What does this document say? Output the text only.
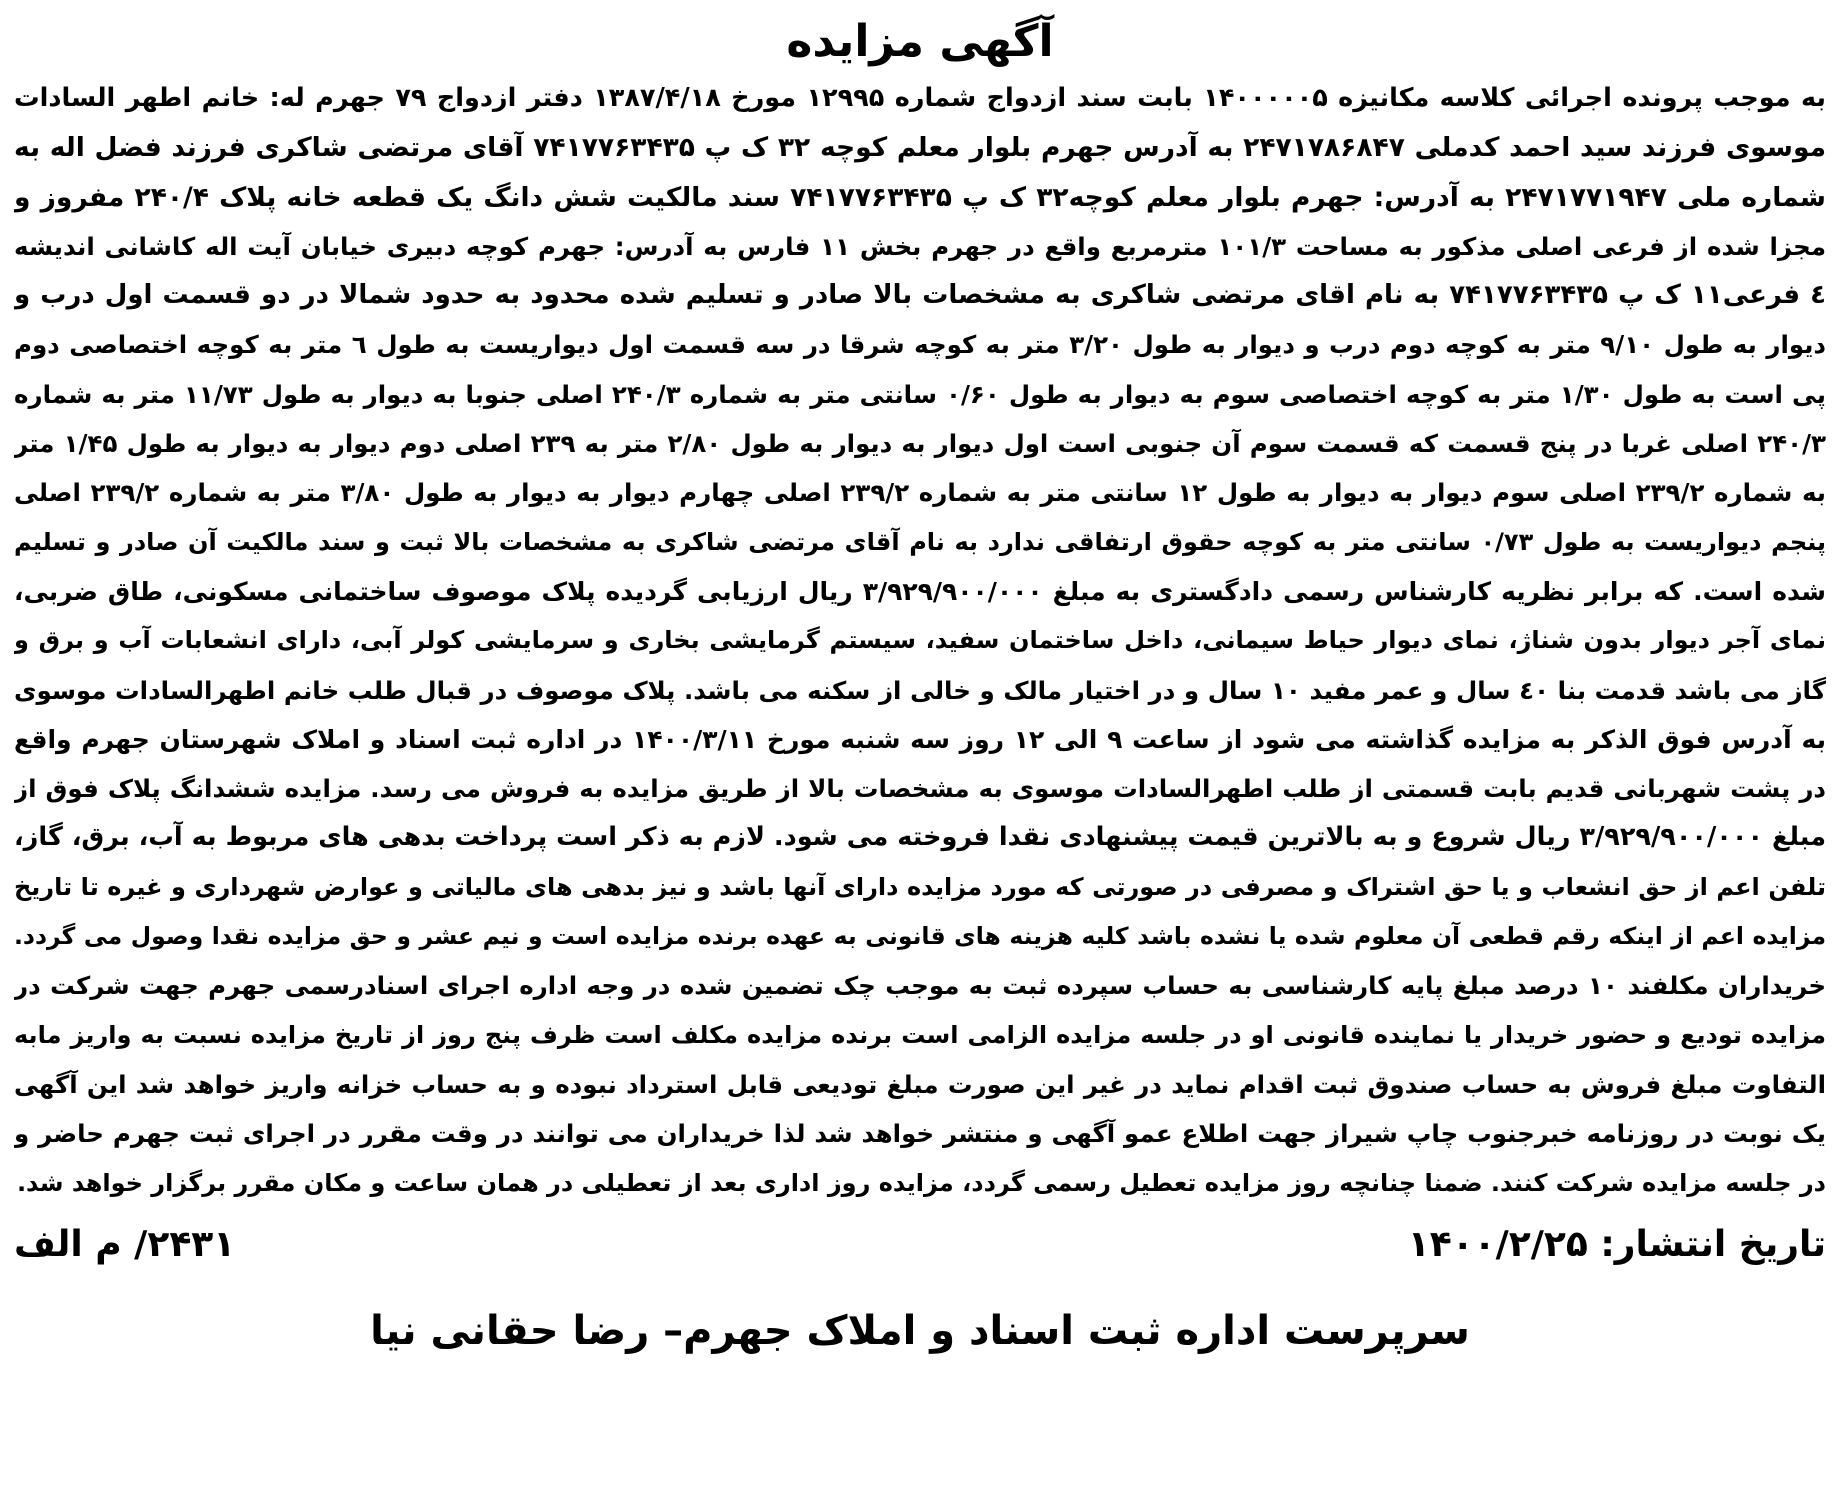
آگهی مزایده
به موجب پرونده اجرائی کلاسه مکانیزه ۱۴۰۰۰۰۰۵ بابت سند ازدواج شماره ۱۲۹۹۵ مورخ ۱۳۸۷/۴/۱۸ دفتر ازدواج ۷۹ جهرم له: خانم اطهر السادات
موسوی فرزند سید احمد کدملی ۲۴۷۱۷۸۶۸۴۷ به آدرس جهرم بلوار معلم کوچه ۳۲ ک پ ۷۴۱۷۷۶۳۴۳۵ آقای مرتضی شاکری فرزند فضل اله به
شماره ملی ۲۴۷۱۷۷۱۹۴۷ به آدرس: جهرم بلوار معلم کوچه۳۲ ک پ ۷۴۱۷۷۶۳۴۳۵ سند مالکیت شش دانگ یک قطعه خانه پلاک ۲۴۰/۴ مفروز و
مجزا شده از فرعی اصلی مذکور به مساحت ۱۰۱/۳ مترمربع واقع در جهرم بخش ۱۱ فارس به آدرس: جهرم کوچه دبیری خیابان آیت اله کاشانی اندیشه
٤ فرعی۱۱ ک پ ۷۴۱۷۷۶۳۴۳۵ به نام اقای مرتضی شاکری به مشخصات بالا صادر و تسلیم شده محدود به حدود شمالا در دو قسمت اول درب و
دیوار به طول ۹/۱۰ متر به کوچه دوم درب و دیوار به طول ۳/۲۰ متر به کوچه شرقا در سه قسمت اول دیواریست به طول ٦ متر به کوچه اختصاصی دوم
پی است به طول ۱/۳۰ متر به کوچه اختصاصی سوم به دیوار به طول ۰/۶۰ سانتی متر به شماره ۲۴۰/۳ اصلی جنوبا به دیوار به طول ۱۱/۷۳ متر به شماره
۲۴۰/۳ اصلی غربا در پنج قسمت که قسمت سوم آن جنوبی است اول دیوار به دیوار به طول ۲/۸۰ متر به ۲۳۹ اصلی دوم دیوار به دیوار به طول ۱/۴۵ متر
به شماره ۲۳۹/۲ اصلی سوم دیوار به دیوار به طول ۱۲ سانتی متر به شماره ۲۳۹/۲ اصلی چهارم دیوار به دیوار به طول ۳/۸۰ متر به شماره ۲۳۹/۲ اصلی
پنجم دیواریست به طول ۰/۷۳ سانتی متر به کوچه حقوق ارتفاقی ندارد به نام آقای مرتضی شاکری به مشخصات بالا ثبت و سند مالکیت آن صادر و تسلیم
شده است. که برابر نظریه کارشناس رسمی دادگستری به مبلغ ۳/۹۲۹/۹۰۰/۰۰۰ ریال ارزیابی گردیده پلاک موصوف ساختمانی مسکونی، طاق ضربی،
نمای آجر دیوار بدون شناژ، نمای دیوار حیاط سیمانی، داخل ساختمان سفید، سیستم گرمایشی بخاری و سرمایشی کولر آبی، دارای انشعابات آب و برق و
گاز می باشد قدمت بنا ٤۰ سال و عمر مفید ۱۰ سال و در اختیار مالک و خالی از سکنه می باشد. پلاک موصوف در قبال طلب خانم اطهرالسادات موسوی
به آدرس فوق الذکر به مزایده گذاشته می شود از ساعت ۹ الی ۱۲ روز سه شنبه مورخ ۱۴۰۰/۳/۱۱ در اداره ثبت اسناد و املاک شهرستان جهرم واقع
در پشت شهربانی قدیم بابت قسمتی از طلب اطهرالسادات موسوی به مشخصات بالا از طریق مزایده به فروش می رسد. مزایده ششدانگ پلاک فوق از
مبلغ ۳/۹۲۹/۹۰۰/۰۰۰ ریال شروع و به بالاترین قیمت پیشنهادی نقدا فروخته می شود. لازم به ذکر است پرداخت بدهی های مربوط به آب، برق، گاز،
تلفن اعم از حق انشعاب و یا حق اشتراک و مصرفی در صورتی که مورد مزایده دارای آنها باشد و نیز بدهی های مالیاتی و عوارض شهرداری و غیره تا تاریخ
مزایده اعم از اینکه رقم قطعی آن معلوم شده یا نشده باشد کلیه هزینه های قانونی به عهده برنده مزایده است و نیم عشر و حق مزایده نقدا وصول می گردد.
خریداران مکلفند ۱۰ درصد مبلغ پایه کارشناسی به حساب سپرده ثبت به موجب چک تضمین شده در وجه اداره اجرای اسنادرسمی جهرم جهت شرکت در
مزایده تودیع و حضور خریدار یا نماینده قانونی او در جلسه مزایده الزامی است برنده مزایده مکلف است ظرف پنج روز از تاریخ مزایده نسبت به واریز مابه
التفاوت مبلغ فروش به حساب صندوق ثبت اقدام نماید در غیر این صورت مبلغ تودیعی قابل استرداد نبوده و به حساب خزانه واریز خواهد شد این آگهی
یک نوبت در روزنامه خبرجنوب چاپ شیراز جهت اطلاع عمو آگهی و منتشر خواهد شد لذا خریداران می توانند در وقت مقرر در اجرای ثبت جهرم حاضر و
در جلسه مزایده شرکت کنند. ضمنا چنانچه روز مزایده تعطیل رسمی گردد، مزایده روز اداری بعد از تعطیلی در همان ساعت و مکان مقرر برگزار خواهد شد.
تاریخ انتشار: ۱۴۰۰/۲/۲۵
۲۴۳۱/ م الف
سرپرست اداره ثبت اسناد و املاک جهرم– رضا حقانی نیا
